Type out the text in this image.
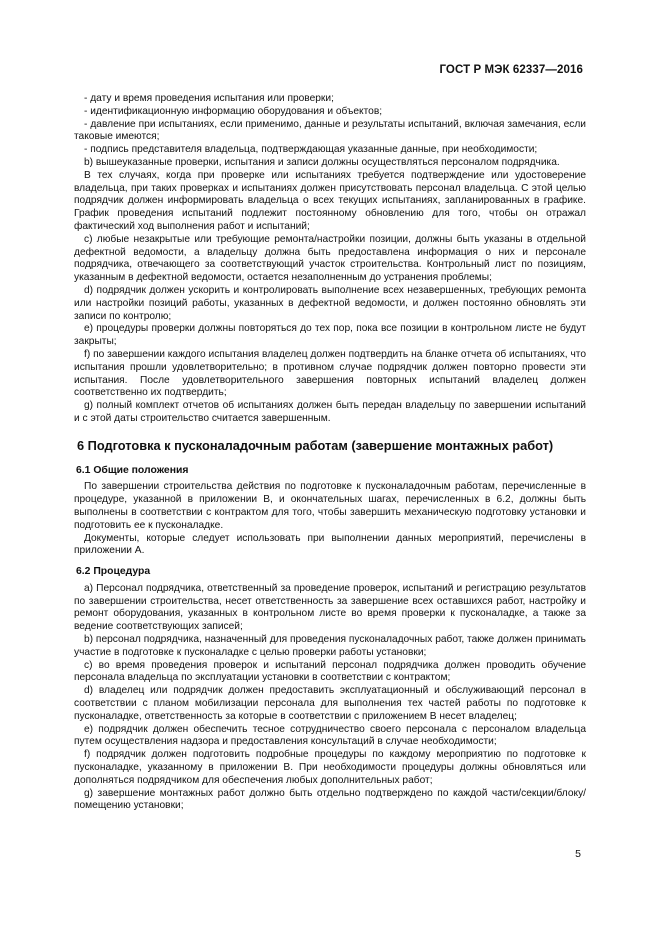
ГОСТ Р МЭК 62337—2016

- дату и время проведения испытания или проверки;

- идентификационную информацию оборудования и объектов;

- давление при испытаниях, если применимо, данные и результаты испытаний, включая замечания, если таковые имеются;

- подпись представителя владельца, подтверждающая указанные данные, при необходимости;

b) вышеуказанные проверки, испытания и записи должны осуществляться персоналом подрядчика.

В тех случаях, когда при проверке или испытаниях требуется подтверждение или удостоверение владельца, при таких проверках и испытаниях должен присутствовать персонал владельца. С этой целью подрядчик должен информировать владельца о всех текущих испытаниях, запланированных в графике. График проведения испытаний подлежит постоянному обновлению для того, чтобы он отражал фактический ход выполнения работ и испытаний;

c) любые незакрытые или требующие ремонта/настройки позиции, должны быть указаны в отдельной дефектной ведомости, а владельцу должна быть предоставлена информация о них и персонале подрядчика, отвечающего за соответствующий участок строительства. Контрольный лист по позициям, указанным в дефектной ведомости, остается незаполненным до устранения проблемы;

d) подрядчик должен ускорить и контролировать выполнение всех незавершенных, требующих ремонта или настройки позиций работы, указанных в дефектной ведомости, и должен постоянно обновлять эти записи по контролю;

e) процедуры проверки должны повторяться до тех пор, пока все позиции в контрольном листе не будут закрыты;

f) по завершении каждого испытания владелец должен подтвердить на бланке отчета об испытаниях, что испытания прошли удовлетворительно; в противном случае подрядчик должен повторно провести эти испытания. После удовлетворительного завершения повторных испытаний владелец должен соответственно их подтвердить;

g) полный комплект отчетов об испытаниях должен быть передан владельцу по завершении испытаний и с этой даты строительство считается завершенным.

6 Подготовка к пусконаладочным работам (завершение монтажных работ)
6.1 Общие положения

По завершении строительства действия по подготовке к пусконаладочным работам, перечисленные в процедуре, указанной в приложении В, и окончательных шагах, перечисленных в 6.2, должны быть выполнены в соответствии с контрактом для того, чтобы завершить механическую подготовку установки и подготовить ее к пусконаладке.

Документы, которые следует использовать при выполнении данных мероприятий, перечислены в приложении А.

6.2 Процедура

a) Персонал подрядчика, ответственный за проведение проверок, испытаний и регистрацию результатов по завершении строительства, несет ответственность за завершение всех оставшихся работ, настройку и ремонт оборудования, указанных в контрольном листе во время проверки к пусконаладке, а также за ведение соответствующих записей;

b) персонал подрядчика, назначенный для проведения пусконаладочных работ, также должен принимать участие в подготовке к пусконаладке с целью проверки работы установки;

c) во время проведения проверок и испытаний персонал подрядчика должен проводить обучение персонала владельца по эксплуатации установки в соответствии с контрактом;

d) владелец или подрядчик должен предоставить эксплуатационный и обслуживающий персонал в соответствии с планом мобилизации персонала для выполнения тех частей работы по подготовке к пусконаладке, ответственность за которые в соответствии с приложением В несет владелец;

e) подрядчик должен обеспечить тесное сотрудничество своего персонала с персоналом владельца путем осуществления надзора и предоставления консультаций в случае необходимости;

f) подрядчик должен подготовить подробные процедуры по каждому мероприятию по подготовке к пусконаладке, указанному в приложении В. При необходимости процедуры должны обновляться или дополняться подрядчиком для обеспечения любых дополнительных работ;

g) завершение монтажных работ должно быть отдельно подтверждено по каждой части/секции/блоку/помещению установки;

5
